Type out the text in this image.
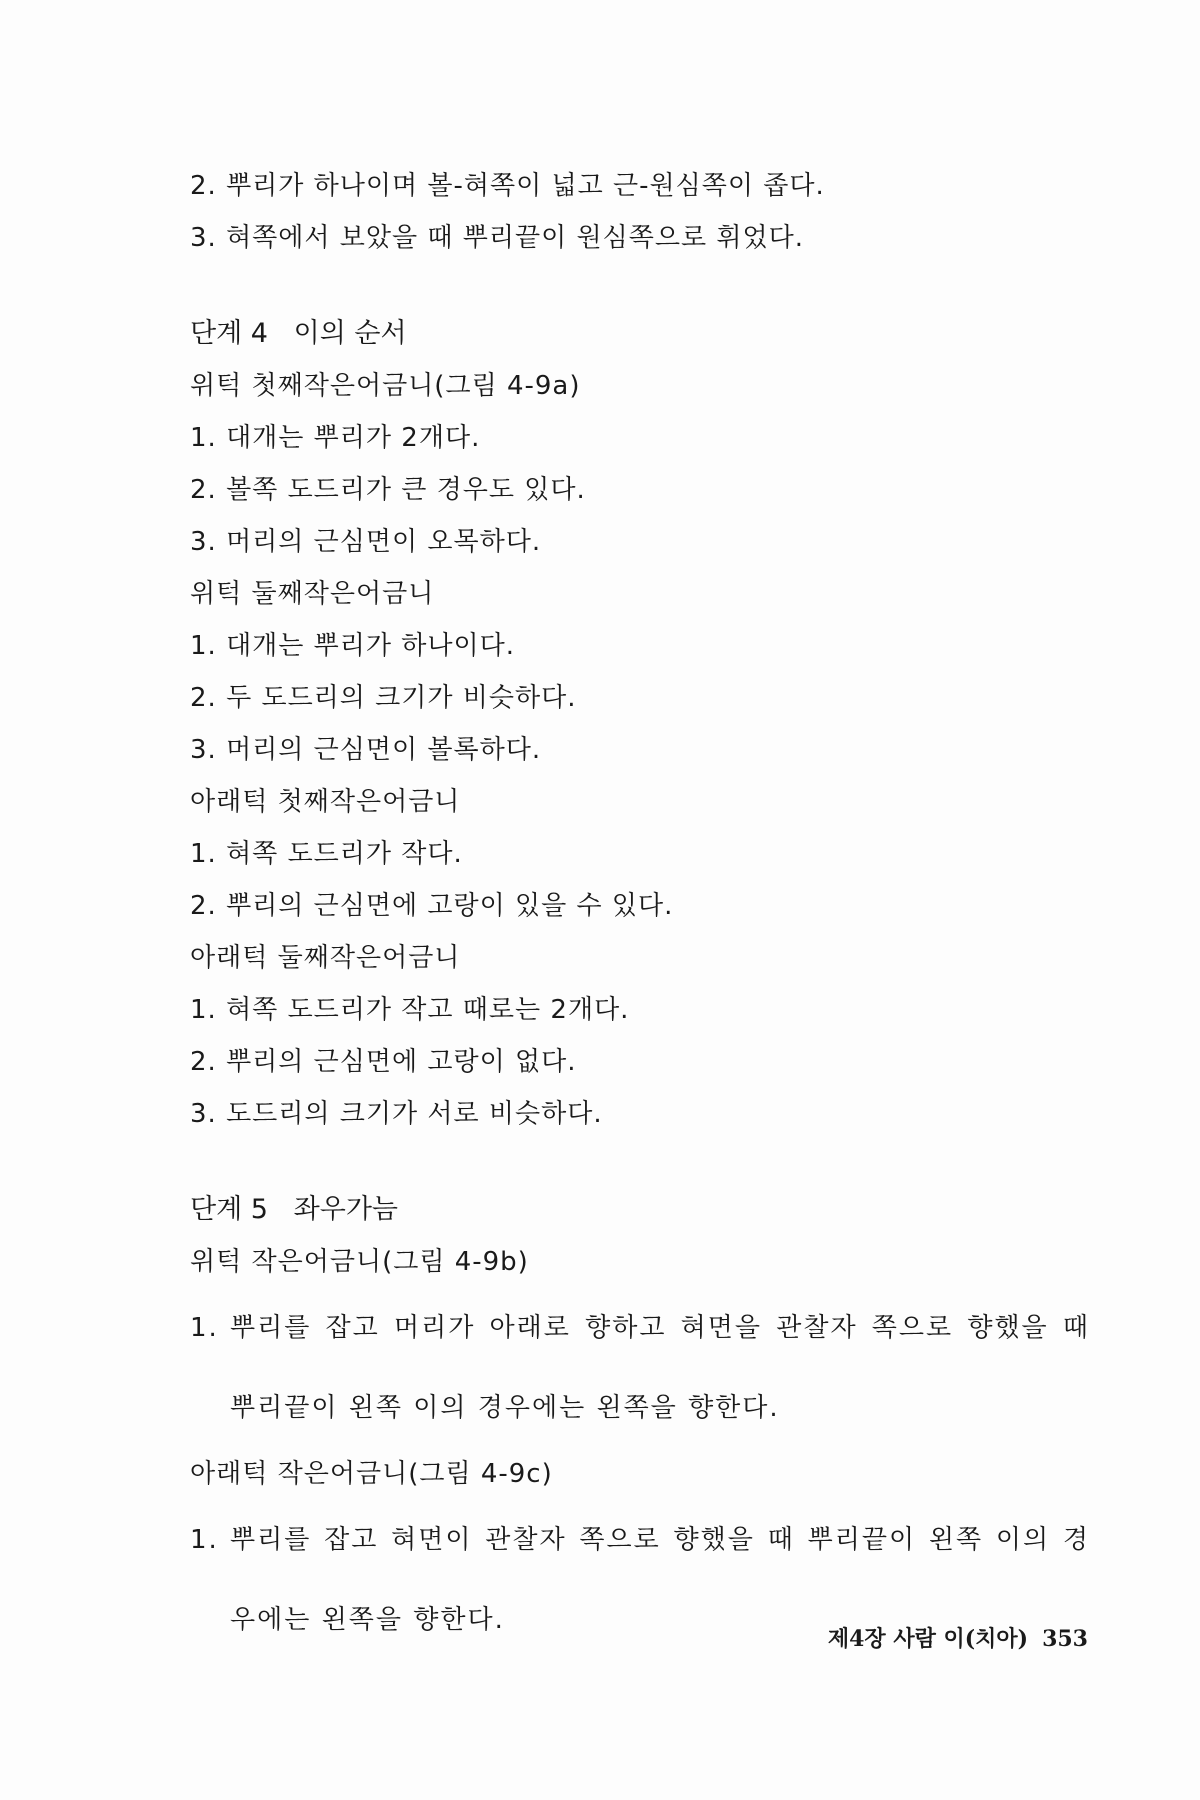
2. 뿌리가 하나이며 볼-혀쪽이 넓고 근-원심쪽이 좁다.
3. 혀쪽에서 보았을 때 뿌리끝이 원심쪽으로 휘었다.
단계 4   이의 순서
위턱 첫째작은어금니(그림 4-9a)
1. 대개는 뿌리가 2개다.
2. 볼쪽 도드리가 큰 경우도 있다.
3. 머리의 근심면이 오목하다.
위턱 둘째작은어금니
1. 대개는 뿌리가 하나이다.
2. 두 도드리의 크기가 비슷하다.
3. 머리의 근심면이 볼록하다.
아래턱 첫째작은어금니
1. 혀쪽 도드리가 작다.
2. 뿌리의 근심면에 고랑이 있을 수 있다.
아래턱 둘째작은어금니
1. 혀쪽 도드리가 작고 때로는 2개다.
2. 뿌리의 근심면에 고랑이 없다.
3. 도드리의 크기가 서로 비슷하다.
단계 5   좌우가늠
위턱 작은어금니(그림 4-9b)
1. 뿌리를 잡고 머리가 아래로 향하고 혀면을 관찰자 쪽으로 향했을 때 뿌리끝이 왼쪽 이의 경우에는 왼쪽을 향한다.
아래턱 작은어금니(그림 4-9c)
1. 뿌리를 잡고 혀면이 관찰자 쪽으로 향했을 때 뿌리끝이 왼쪽 이의 경우에는 왼쪽을 향한다.
제4장 사람 이(치아) 353
